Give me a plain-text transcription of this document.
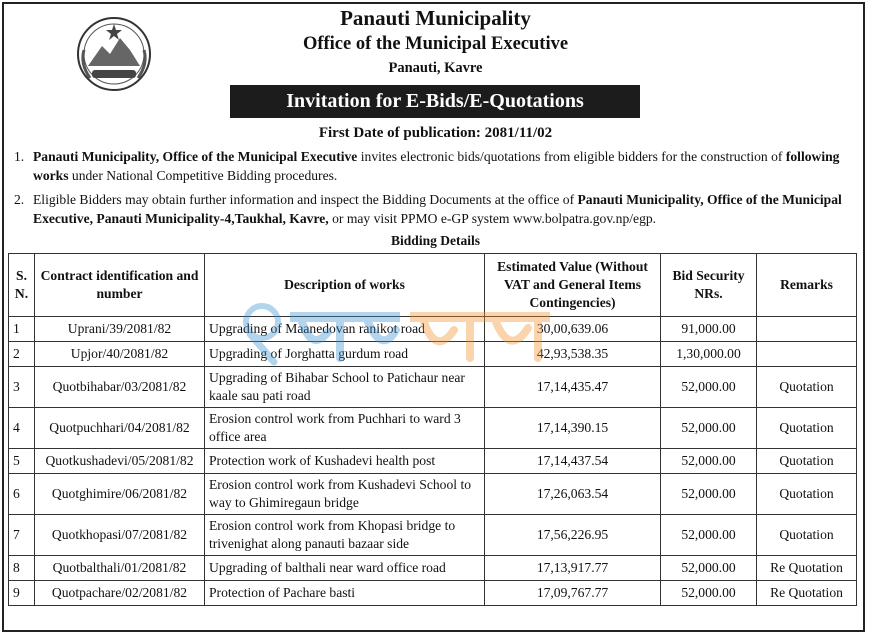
Panauti Municipality
Office of the Municipal Executive
Panauti, Kavre
Invitation for E-Bids/E-Quotations
First Date of publication: 2081/11/02
1. Panauti Municipality, Office of the Municipal Executive invites electronic bids/quotations from eligible bidders for the construction of following works under National Competitive Bidding procedures.
2. Eligible Bidders may obtain further information and inspect the Bidding Documents at the office of Panauti Municipality, Office of the Municipal Executive, Panauti Municipality-4,Taukhal, Kavre, or may visit PPMO e-GP system www.bolpatra.gov.np/egp.
Bidding Details
S. N.	Contract identification and number	Description of works	Estimated Value (Without VAT and General Items Contingencies)	Bid Security NRs.	Remarks
1	Uprani/39/2081/82	Upgrading of Maanedovan ranikot road	30,00,639.06	91,000.00	
2	Upjor/40/2081/82	Upgrading of Jorghatta gurdum road	42,93,538.35	1,30,000.00	
3	Quotbihabar/03/2081/82	Upgrading of Bihabar School to Patichaur near kaale sau pati road	17,14,435.47	52,000.00	Quotation
4	Quotpuchhari/04/2081/82	Erosion control work from Puchhari to ward 3 office area	17,14,390.15	52,000.00	Quotation
5	Quotkushadevi/05/2081/82	Protection work of Kushadevi health post	17,14,437.54	52,000.00	Quotation
6	Quotghimire/06/2081/82	Erosion control work from Kushadevi School to way to Ghimiregaun bridge	17,26,063.54	52,000.00	Quotation
7	Quotkhopasi/07/2081/82	Erosion control work from Khopasi bridge to trivenighat along panauti bazaar side	17,56,226.95	52,000.00	Quotation
8	Quotbalthali/01/2081/82	Upgrading of balthali near ward office road	17,13,917.77	52,000.00	Re Quotation
9	Quotpachare/02/2081/82	Protection of Pachare basti	17,09,767.77	52,000.00	Re Quotation
